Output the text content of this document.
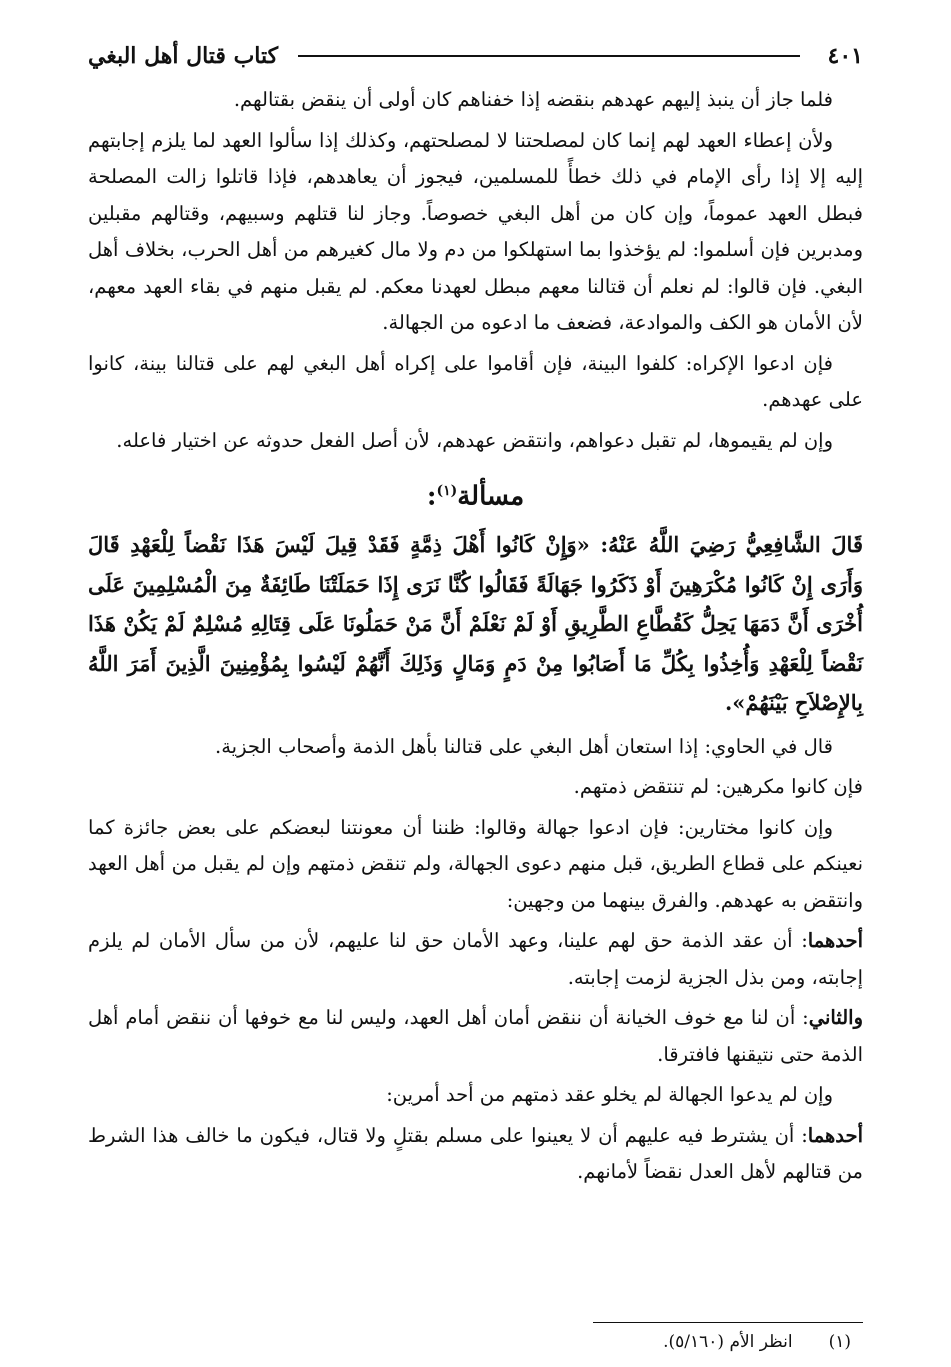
٤٠١
كتاب قتال أهل البغي

فلما جاز أن ينبذ إليهم عهدهم بنقضه إذا خفناهم كان أولى أن ينقض بقتالهم.

ولأن إعطاء العهد لهم إنما كان لمصلحتنا لا لمصلحتهم، وكذلك إذا سألوا العهد لما يلزم إجابتهم إليه إلا إذا رأى الإمام في ذلك خطأً للمسلمين، فيجوز أن يعاهدهم، فإذا قاتلوا زالت المصلحة فبطل العهد عموماً، وإن كان من أهل البغي خصوصاً. وجاز لنا قتلهم وسبيهم، وقتالهم مقبلين ومدبرين فإن أسلموا: لم يؤخذوا بما استهلكوا من دم ولا مال كغيرهم من أهل الحرب، بخلاف أهل البغي. فإن قالوا: لم نعلم أن قتالنا معهم مبطل لعهدنا معكم. لم يقبل منهم في بقاء العهد معهم، لأن الأمان هو الكف والموادعة، فضعف ما ادعوه من الجهالة.

فإن ادعوا الإكراه: كلفوا البينة، فإن أقاموا على إكراه أهل البغي لهم على قتالنا بينة، كانوا على عهدهم.

وإن لم يقيموها، لم تقبل دعواهم، وانتقض عهدهم، لأن أصل الفعل حدوثه عن اختيار فاعله.

مسألة$^{(١)}$:

قَالَ الشَّافِعِيُّ رَضِيَ اللَّهُ عَنْهُ: «وَإِنْ كَانُوا أَهْلَ ذِمَّةٍ فَقَدْ قِيلَ لَيْسَ هَذَا نَقْضاً لِلْعَهْدِ قَالَ وَأَرَى إِنْ كَانُوا مُكْرَهِينَ أَوْ ذَكَرُوا جَهَالَةً فَقَالُوا كُنَّا نَرَى إِذَا حَمَلَتْنَا طَائِفَةٌ مِنَ الْمُسْلِمِينَ عَلَى أُخْرَى أَنَّ دَمَهَا يَحِلُّ كَقُطَّاعِ الطَّرِيقِ أَوْ لَمْ نَعْلَمْ أَنَّ مَنْ حَمَلُونَا عَلَى قِتَالِهِ مُسْلِمٌ لَمْ يَكُنْ هَذَا نَقْضاً لِلْعَهْدِ وَأُخِذُوا بِكُلِّ مَا أَصَابُوا مِنْ دَمٍ وَمَالٍ وَذَلِكَ أَنَّهُمْ لَيْسُوا بِمُؤْمِنِينَ الَّذِينَ أَمَرَ اللَّهُ بِالإِصْلاَحِ بَيْنَهُمْ».

قال في الحاوي: إذا استعان أهل البغي على قتالنا بأهل الذمة وأصحاب الجزية.

فإن كانوا مكرهين: لم تنتقض ذمتهم.

وإن كانوا مختارين: فإن ادعوا جهالة وقالوا: ظننا أن معونتنا لبعضكم على بعض جائزة كما نعينكم على قطاع الطريق، قبل منهم دعوى الجهالة، ولم تنقض ذمتهم وإن لم يقبل من أهل العهد وانتقض به عهدهم. والفرق بينهما من وجهين:

أحدهما: أن عقد الذمة حق لهم علينا، وعهد الأمان حق لنا عليهم، لأن من سأل الأمان لم يلزم إجابته، ومن بذل الجزية لزمت إجابته.

والثاني: أن لنا مع خوف الخيانة أن ننقض أمان أهل العهد، وليس لنا مع خوفها أن ننقض أمام أهل الذمة حتى نتيقنها فافترقا.

وإن لم يدعوا الجهالة لم يخلو عقد ذمتهم من أحد أمرين:

أحدهما: أن يشترط فيه عليهم أن لا يعينوا على مسلم بقتلٍ ولا قتال، فيكون ما خالف هذا الشرط من قتالهم لأهل العدل نقضاً لأمانهم.

(١)انظر الأم (٥/١٦٠).
